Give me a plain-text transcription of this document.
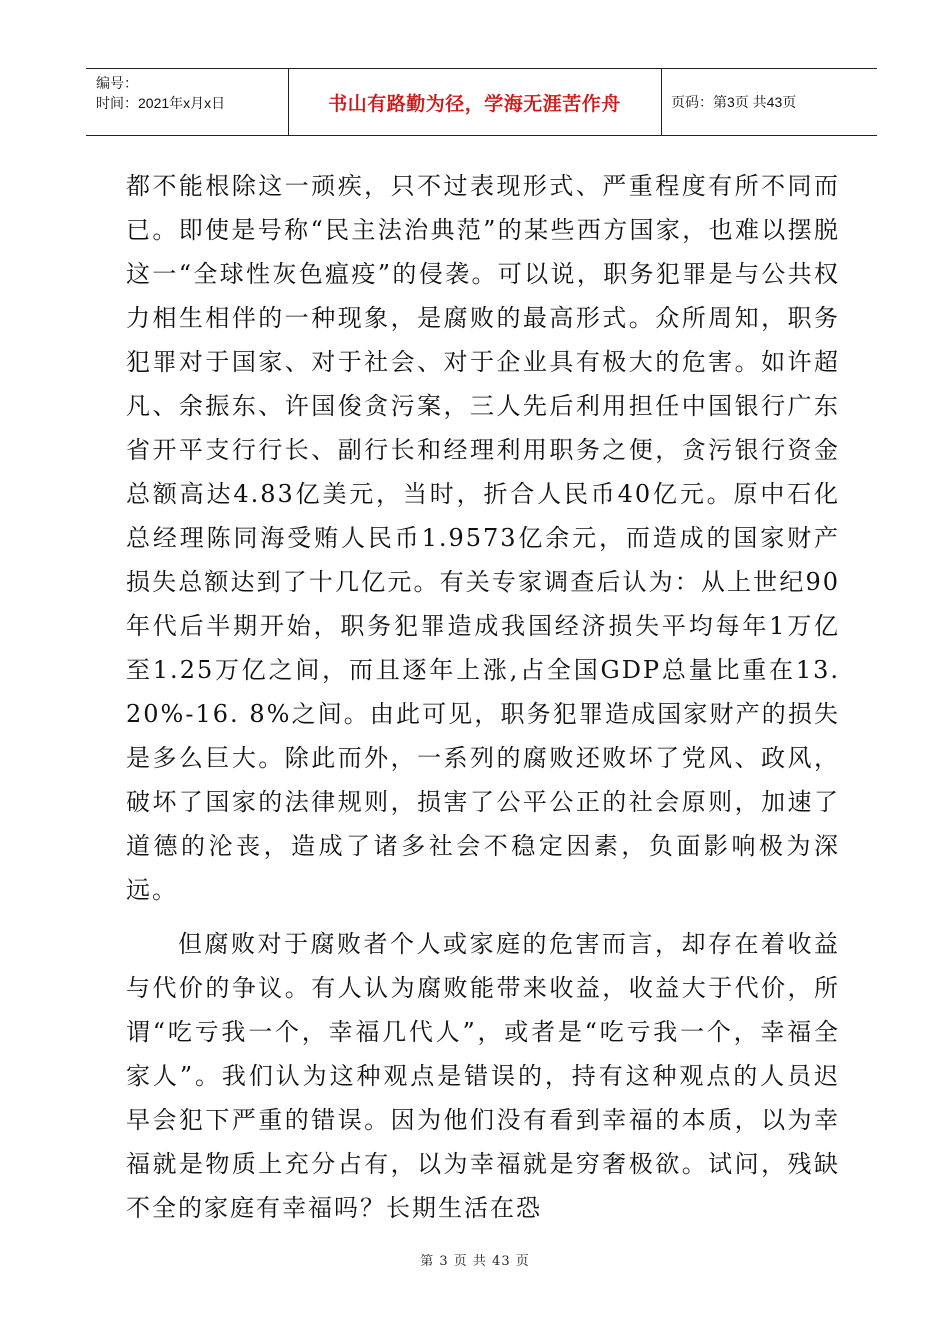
编号：
时间：2021年x月x日	书山有路勤为径，学海无涯苦作舟	页码：第3页 共43页

都不能根除这一顽疾，只不过表现形式、严重程度有所不同而已。即使是号称“民主法治典范”的某些西方国家，也难以摆脱这一“全球性灰色瘟疫”的侵袭。可以说，职务犯罪是与公共权力相生相伴的一种现象，是腐败的最高形式。众所周知，职务犯罪对于国家、对于社会、对于企业具有极大的危害。如许超凡、余振东、许国俊贪污案，三人先后利用担任中国银行广东省开平支行行长、副行长和经理利用职务之便，贪污银行资金总额高达4.83亿美元，当时，折合人民币40亿元。原中石化总经理陈同海受贿人民币1.9573亿余元，而造成的国家财产损失总额达到了十几亿元。有关专家调查后认为：从上世纪90年代后半期开始，职务犯罪造成我国经济损失平均每年1万亿至1.25万亿之间，而且逐年上涨,占全国GDP总量比重在13. 20%-16. 8%之间。由此可见，职务犯罪造成国家财产的损失是多么巨大。除此而外，一系列的腐败还败坏了党风、政风，破坏了国家的法律规则，损害了公平公正的社会原则，加速了道德的沦丧，造成了诸多社会不稳定因素，负面影响极为深远。

但腐败对于腐败者个人或家庭的危害而言，却存在着收益与代价的争议。有人认为腐败能带来收益，收益大于代价，所谓“吃亏我一个，幸福几代人”，或者是“吃亏我一个，幸福全家人”。我们认为这种观点是错误的，持有这种观点的人员迟早会犯下严重的错误。因为他们没有看到幸福的本质，以为幸福就是物质上充分占有，以为幸福就是穷奢极欲。试问，残缺不全的家庭有幸福吗？长期生活在恐

第 3 页 共 43 页
